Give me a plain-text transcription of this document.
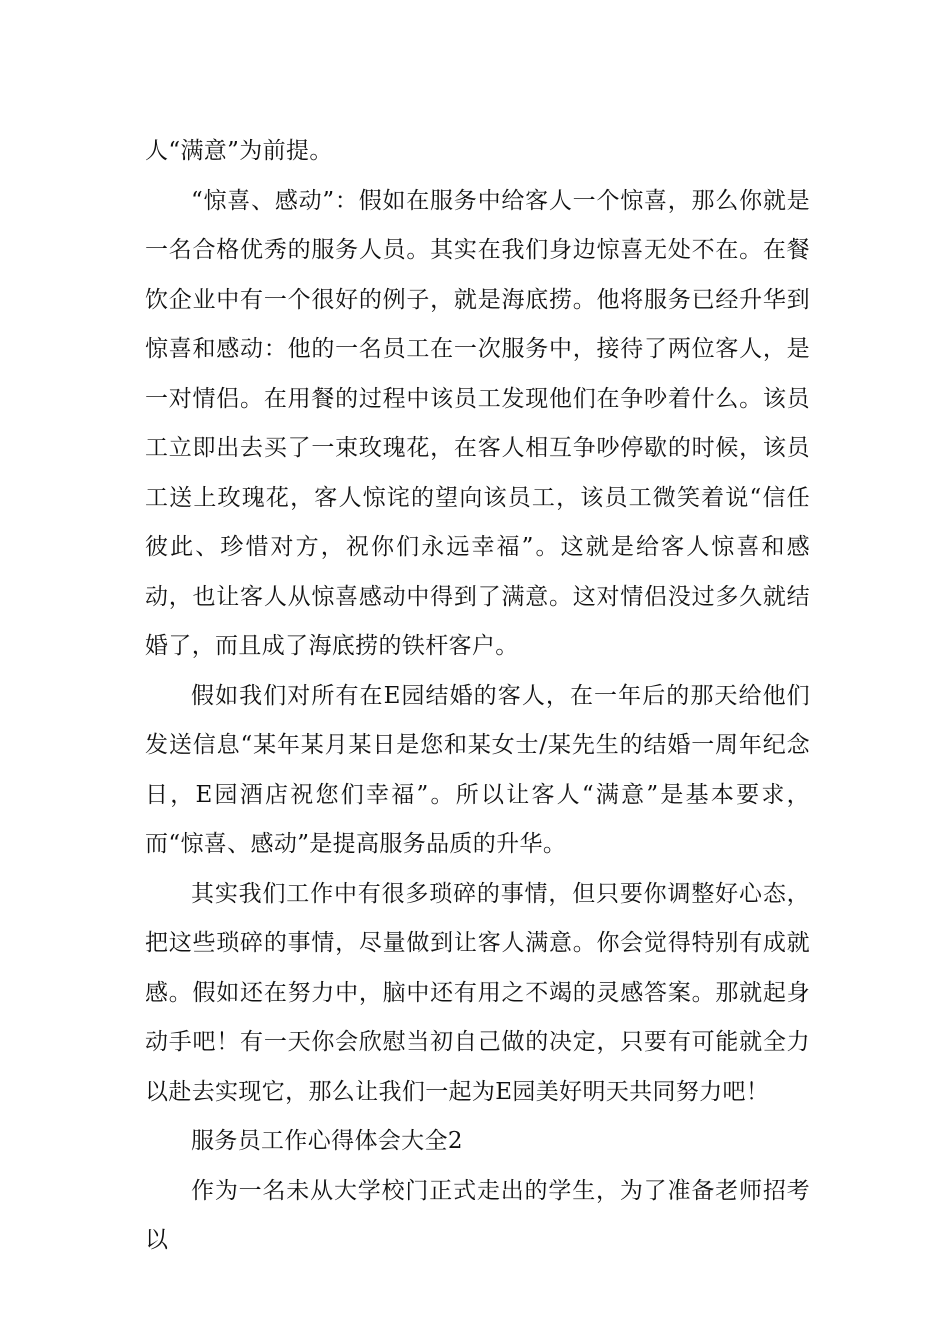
人“满意”为前提。

“惊喜、感动”：假如在服务中给客人一个惊喜，那么你就是一名合格优秀的服务人员。其实在我们身边惊喜无处不在。在餐饮企业中有一个很好的例子，就是海底捞。他将服务已经升华到惊喜和感动：他的一名员工在一次服务中，接待了两位客人，是一对情侣。在用餐的过程中该员工发现他们在争吵着什么。该员工立即出去买了一束玫瑰花，在客人相互争吵停歇的时候，该员工送上玫瑰花，客人惊诧的望向该员工，该员工微笑着说“信任彼此、珍惜对方，祝你们永远幸福”。这就是给客人惊喜和感动，也让客人从惊喜感动中得到了满意。这对情侣没过多久就结婚了，而且成了海底捞的铁杆客户。

假如我们对所有在E园结婚的客人，在一年后的那天给他们发送信息“某年某月某日是您和某女士/某先生的结婚一周年纪念日，E园酒店祝您们幸福”。所以让客人“满意”是基本要求，而“惊喜、感动”是提高服务品质的升华。

其实我们工作中有很多琐碎的事情，但只要你调整好心态，把这些琐碎的事情，尽量做到让客人满意。你会觉得特别有成就感。假如还在努力中，脑中还有用之不竭的灵感答案。那就起身动手吧！有一天你会欣慰当初自己做的决定，只要有可能就全力以赴去实现它，那么让我们一起为E园美好明天共同努力吧！

服务员工作心得体会大全2

作为一名未从大学校门正式走出的学生，为了准备老师招考以
